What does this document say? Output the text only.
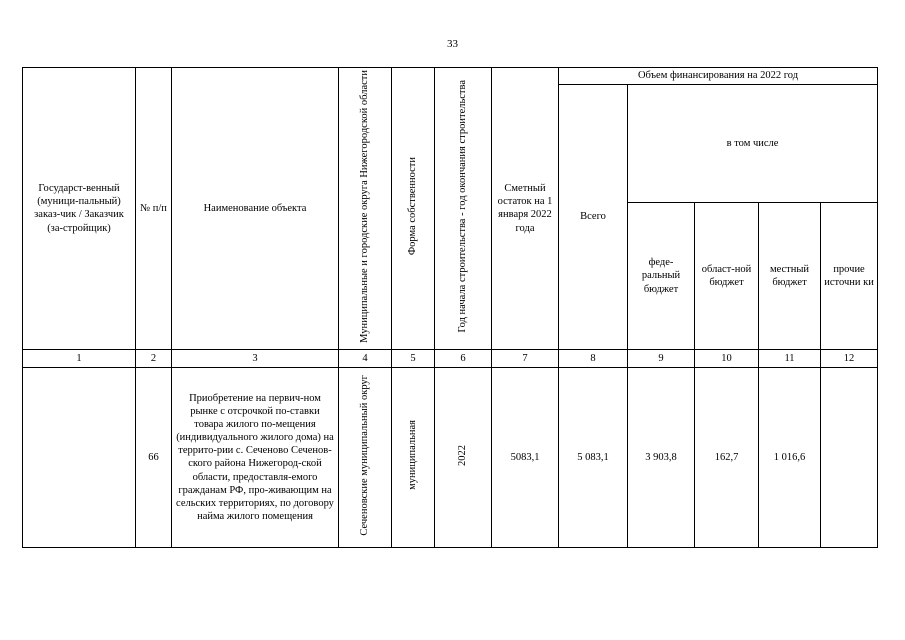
33
Государст-венный (муници-пальный) заказ-чик / Заказчик (за-стройщик)	№ п/п	Наименование объекта	Муниципальные и городские округа Нижегородской области	Форма собственности	Год начала строительства - год окончания строительства	Сметный остаток на 1 января 2022 года	Объем финансирования на 2022 год				
							Всего	в том числе			
								феде-ральный бюджет	област-ной бюджет	местный бюджет	прочие источни ки
1	2	3	4	5	6	7	8	9	10	11	12
	66	Приобретение на первич-ном рынке с отсрочкой по-ставки товара жилого по-мещения (индивидуального жилого дома) на террито-рии с. Сеченово Сеченов-ского района Нижегород-ской области, предоставля-емого гражданам РФ, про-живающим на сельских территориях, по договору найма жилого помещения	Сеченовские муниципальный округ	муниципальная	2022	5083,1	5 083,1	3 903,8	162,7	1 016,6	
